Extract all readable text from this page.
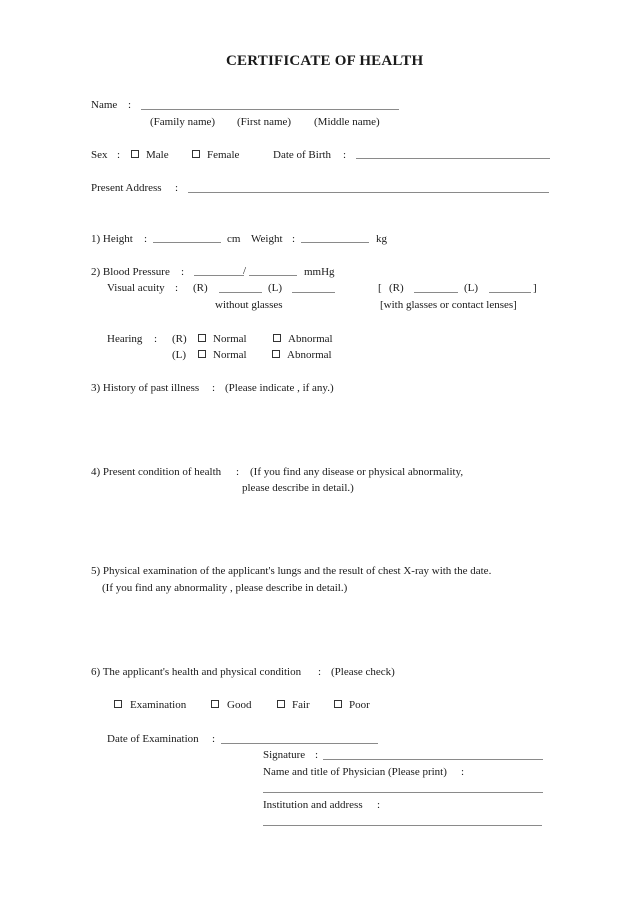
CERTIFICATE OF HEALTH
Name :
(Family name) (First name) (Middle name)
Sex : Male	Female	Date of Birth :
Present Address :
1) Height :	cm Weight :	kg
2) Blood Pressure :	/	mmHg
Visual acuity : (R)	(L)
without glasses
[ (R)	(L)	]
[with glasses or contact lenses]
Hearing : (R) Normal	Abnormal
(L) Normal	Abnormal
3) History of past illness : (Please indicate , if any.)
4) Present condition of health : (If you find any disease or physical abnormality,
please describe in detail.)
5) Physical examination of the applicant's lungs and the result of chest X-ray with the date.
(If you find any abnormality , please describe in detail.)
6) The applicant's health and physical condition : (Please check)
Examination	Good	Fair	Poor
Date of Examination :
Signature :
Name and title of Physician (Please print) :
Institution and address :
